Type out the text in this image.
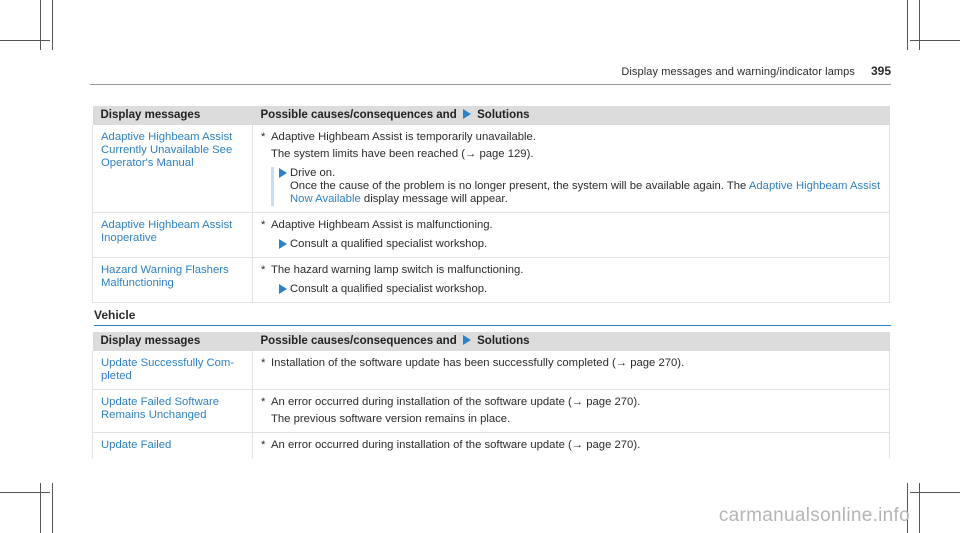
Display messages and warning/indicator lamps 395
Display messages	Possible causes/consequences and Solutions
Adaptive Highbeam Assist Currently Unavailable See Operator's Manual	* Adaptive Highbeam Assist is temporarily unavailable.
The system limits have been reached (→ page 129).
Drive on.
Once the cause of the problem is no longer present, the system will be available again. The Adaptive Highbeam Assist Now Available display message will appear.

Adaptive Highbeam Assist Inoperative	* Adaptive Highbeam Assist is malfunctioning.
Consult a qualified specialist workshop.

Hazard Warning Flashers Malfunctioning	* The hazard warning lamp switch is malfunctioning.
Consult a qualified specialist workshop.
Vehicle
Display messages	Possible causes/consequences and Solutions
Update Successfully Com- pleted	* Installation of the software update has been successfully completed (→ page 270).

Update Failed Software Remains Unchanged	* An error occurred during installation of the software update (→ page 270).
The previous software version remains in place.

Update Failed	* An error occurred during installation of the software update (→ page 270).
carmanualsonline.info
